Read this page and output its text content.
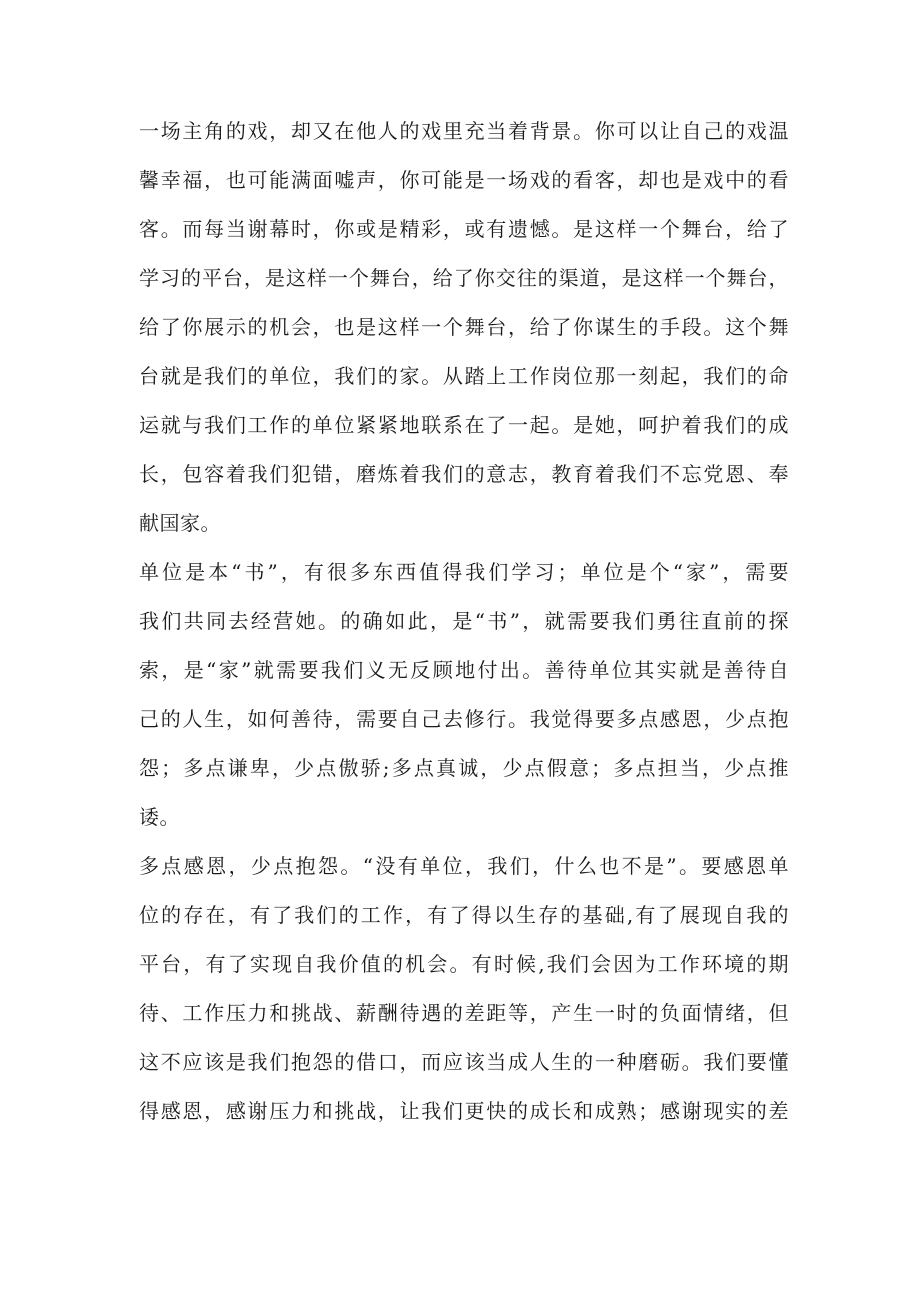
一场主角的戏，却又在他人的戏里充当着背景。你可以让自己的戏温
馨幸福，也可能满面嘘声，你可能是一场戏的看客，却也是戏中的看
客。而每当谢幕时，你或是精彩，或有遗憾。是这样一个舞台，给了
学习的平台，是这样一个舞台，给了你交往的渠道，是这样一个舞台，
给了你展示的机会，也是这样一个舞台，给了你谋生的手段。这个舞
台就是我们的单位，我们的家。从踏上工作岗位那一刻起，我们的命
运就与我们工作的单位紧紧地联系在了一起。是她，呵护着我们的成
长，包容着我们犯错，磨炼着我们的意志，教育着我们不忘党恩、奉
献国家。
单位是本“书”，有很多东西值得我们学习；单位是个“家”，需要
我们共同去经营她。的确如此，是“书”，就需要我们勇往直前的探
索，是“家”就需要我们义无反顾地付出。善待单位其实就是善待自
己的人生，如何善待，需要自己去修行。我觉得要多点感恩，少点抱
怨；多点谦卑，少点傲骄;多点真诚，少点假意；多点担当，少点推
诿。
多点感恩，少点抱怨。“没有单位，我们，什么也不是”。要感恩单
位的存在，有了我们的工作，有了得以生存的基础,有了展现自我的
平台，有了实现自我价值的机会。有时候,我们会因为工作环境的期
待、工作压力和挑战、薪酬待遇的差距等，产生一时的负面情绪，但
这不应该是我们抱怨的借口，而应该当成人生的一种磨砺。我们要懂
得感恩，感谢压力和挑战，让我们更快的成长和成熟；感谢现实的差
